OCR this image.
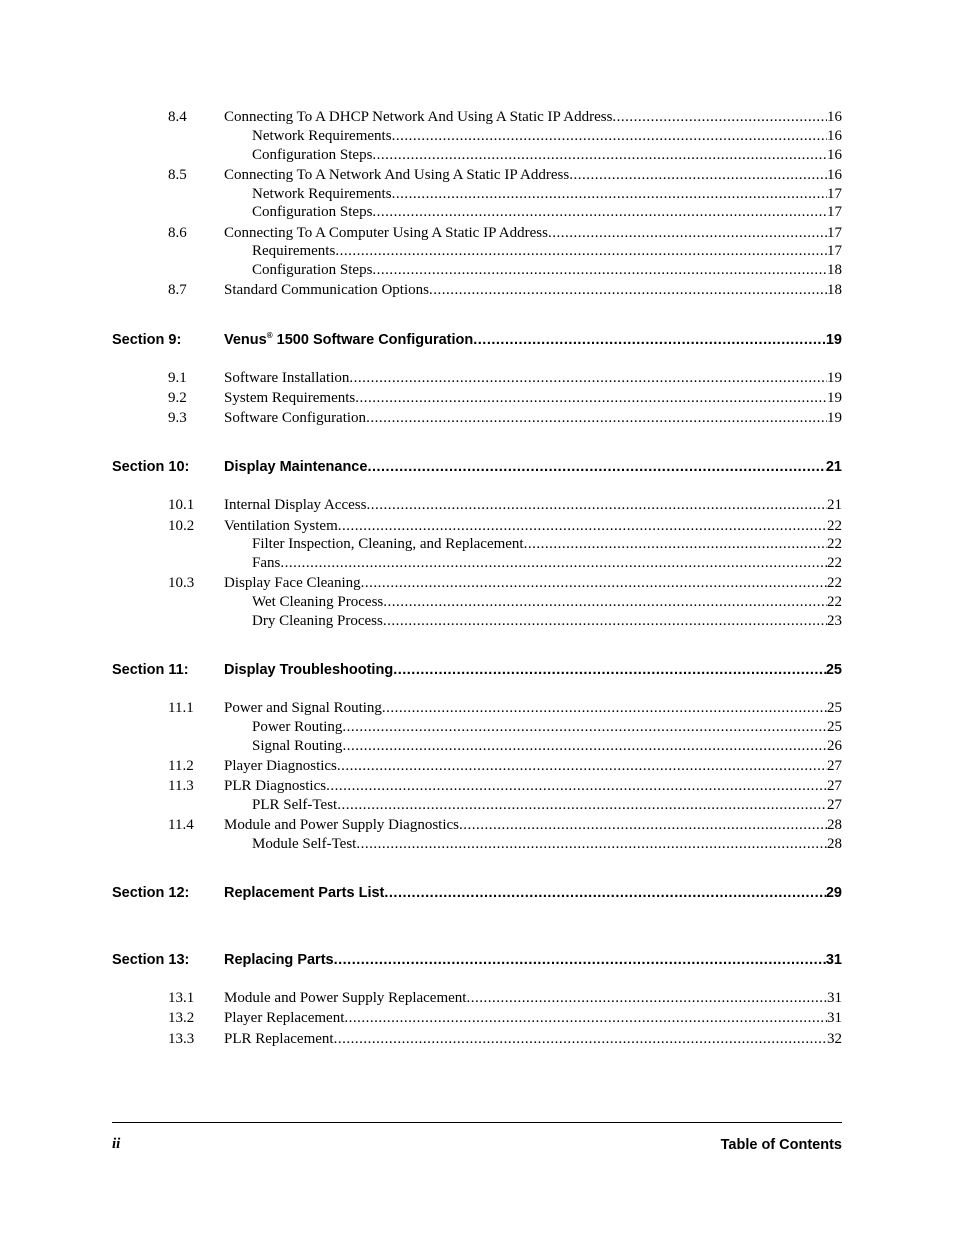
8.4 Connecting To A DHCP Network And Using A Static IP Address .....	16
Network Requirements .....	16
Configuration Steps .....	16
8.5 Connecting To A Network And Using A Static IP Address .....	16
Network Requirements .....	17
Configuration Steps .....	17
8.6 Connecting To A Computer Using A Static IP Address .....	17
Requirements .....	17
Configuration Steps .....	18
8.7 Standard Communication Options .....	18
Section 9:	Venus® 1500 Software Configuration .....	19
9.1 Software Installation .....	19
9.2 System Requirements .....	19
9.3 Software Configuration .....	19
Section 10: Display Maintenance .....	21
10.1 Internal Display Access .....	21
10.2 Ventilation System .....	22
Filter Inspection, Cleaning, and Replacement .....	22
Fans .....	22
10.3 Display Face Cleaning .....	22
Wet Cleaning Process .....	22
Dry Cleaning Process .....	23
Section 11: Display Troubleshooting .....	25
11.1 Power and Signal Routing .....	25
Power Routing .....	25
Signal Routing .....	26
11.2 Player Diagnostics .....	27
11.3 PLR Diagnostics .....	27
PLR Self-Test .....	27
11.4 Module and Power Supply Diagnostics .....	28
Module Self-Test .....	28
Section 12: Replacement Parts List .....	29
Section 13: Replacing Parts .....	31
13.1 Module and Power Supply Replacement .....	31
13.2 Player Replacement .....	31
13.3 PLR Replacement .....	32
ii	Table of Contents
